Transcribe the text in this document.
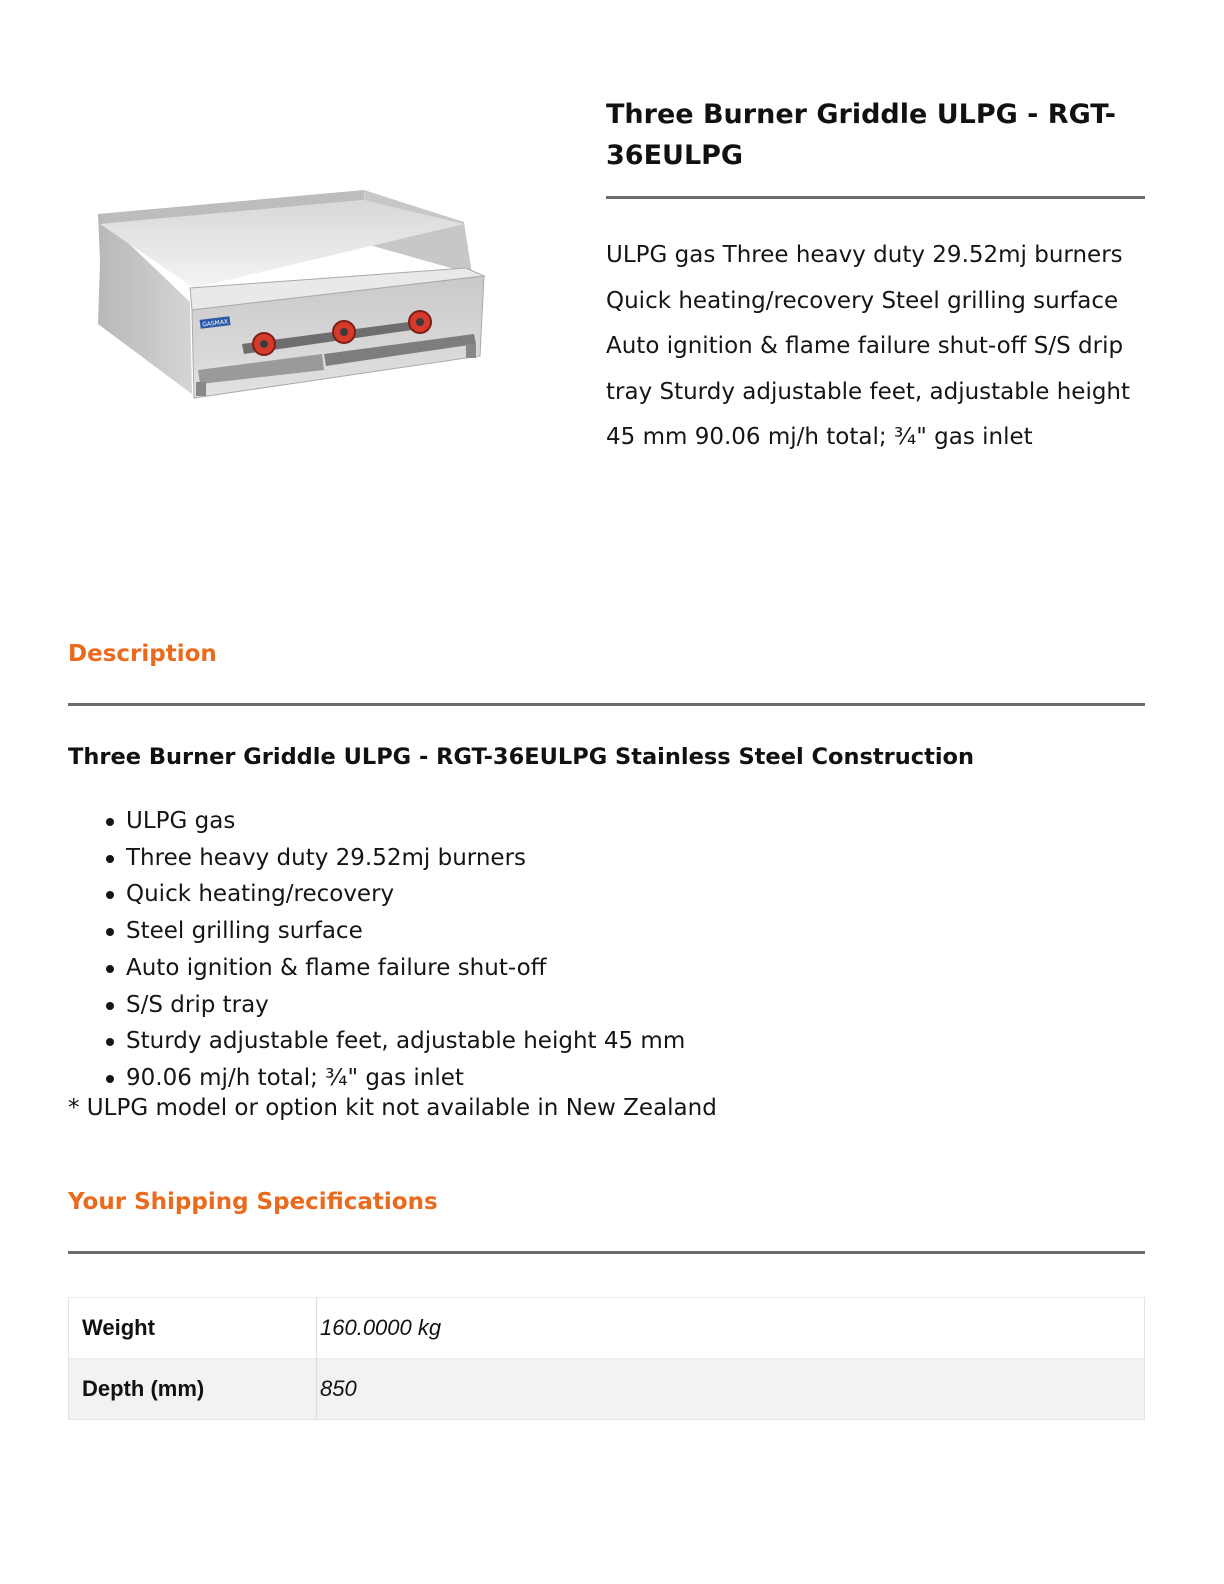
GASMAX
Three Burner Griddle ULPG - RGT-36EULPG

ULPG gas Three heavy duty 29.52mj burners Quick heating/recovery Steel grilling surface Auto ignition & flame failure shut-off S/S drip tray Sturdy adjustable feet, adjustable height 45 mm 90.06 mj/h total; ¾" gas inlet

Description
Three Burner Griddle ULPG - RGT-36EULPG Stainless Steel Construction
ULPG gas
Three heavy duty 29.52mj burners
Quick heating/recovery
Steel grilling surface
Auto ignition & flame failure shut-off
S/S drip tray
Sturdy adjustable feet, adjustable height 45 mm
90.06 mj/h total; ¾" gas inlet

* ULPG model or option kit not available in New Zealand

Your Shipping Specifications
Weight	160.0000 kg
Depth (mm)	850
